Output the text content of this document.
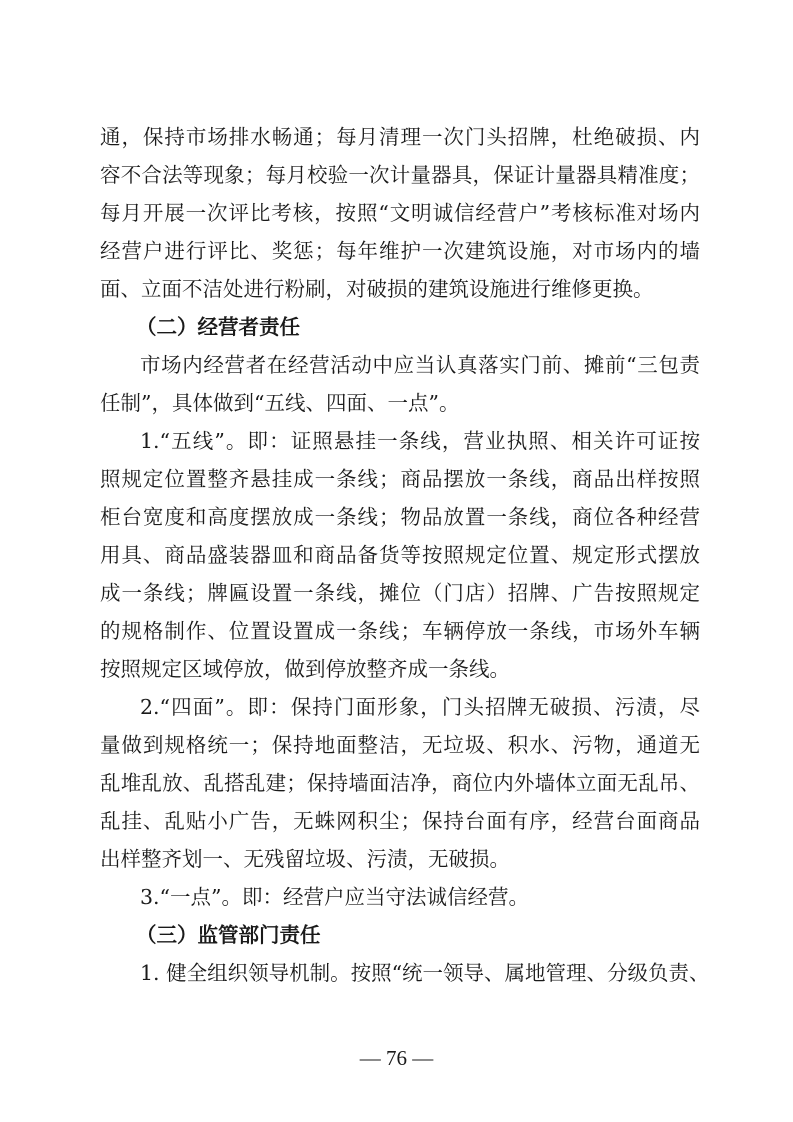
通，保持市场排水畅通；每月清理一次门头招牌，杜绝破损、内
容不合法等现象；每月校验一次计量器具，保证计量器具精准度；
每月开展一次评比考核，按照“文明诚信经营户”考核标准对场内
经营户进行评比、奖惩；每年维护一次建筑设施，对市场内的墙
面、立面不洁处进行粉刷，对破损的建筑设施进行维修更换。
（二）经营者责任
市场内经营者在经营活动中应当认真落实门前、摊前“三包责
任制”，具体做到“五线、四面、一点”。
1.“五线”。即：证照悬挂一条线，营业执照、相关许可证按
照规定位置整齐悬挂成一条线；商品摆放一条线，商品出样按照
柜台宽度和高度摆放成一条线；物品放置一条线，商位各种经营
用具、商品盛装器皿和商品备货等按照规定位置、规定形式摆放
成一条线；牌匾设置一条线，摊位（门店）招牌、广告按照规定
的规格制作、位置设置成一条线；车辆停放一条线，市场外车辆
按照规定区域停放，做到停放整齐成一条线。
2.“四面”。即：保持门面形象，门头招牌无破损、污渍，尽
量做到规格统一；保持地面整洁，无垃圾、积水、污物，通道无
乱堆乱放、乱搭乱建；保持墙面洁净，商位内外墙体立面无乱吊、
乱挂、乱贴小广告，无蛛网积尘；保持台面有序，经营台面商品
出样整齐划一、无残留垃圾、污渍，无破损。
3.“一点”。即：经营户应当守法诚信经营。
（三）监管部门责任
1. 健全组织领导机制。按照“统一领导、属地管理、分级负责、
— 76 —
